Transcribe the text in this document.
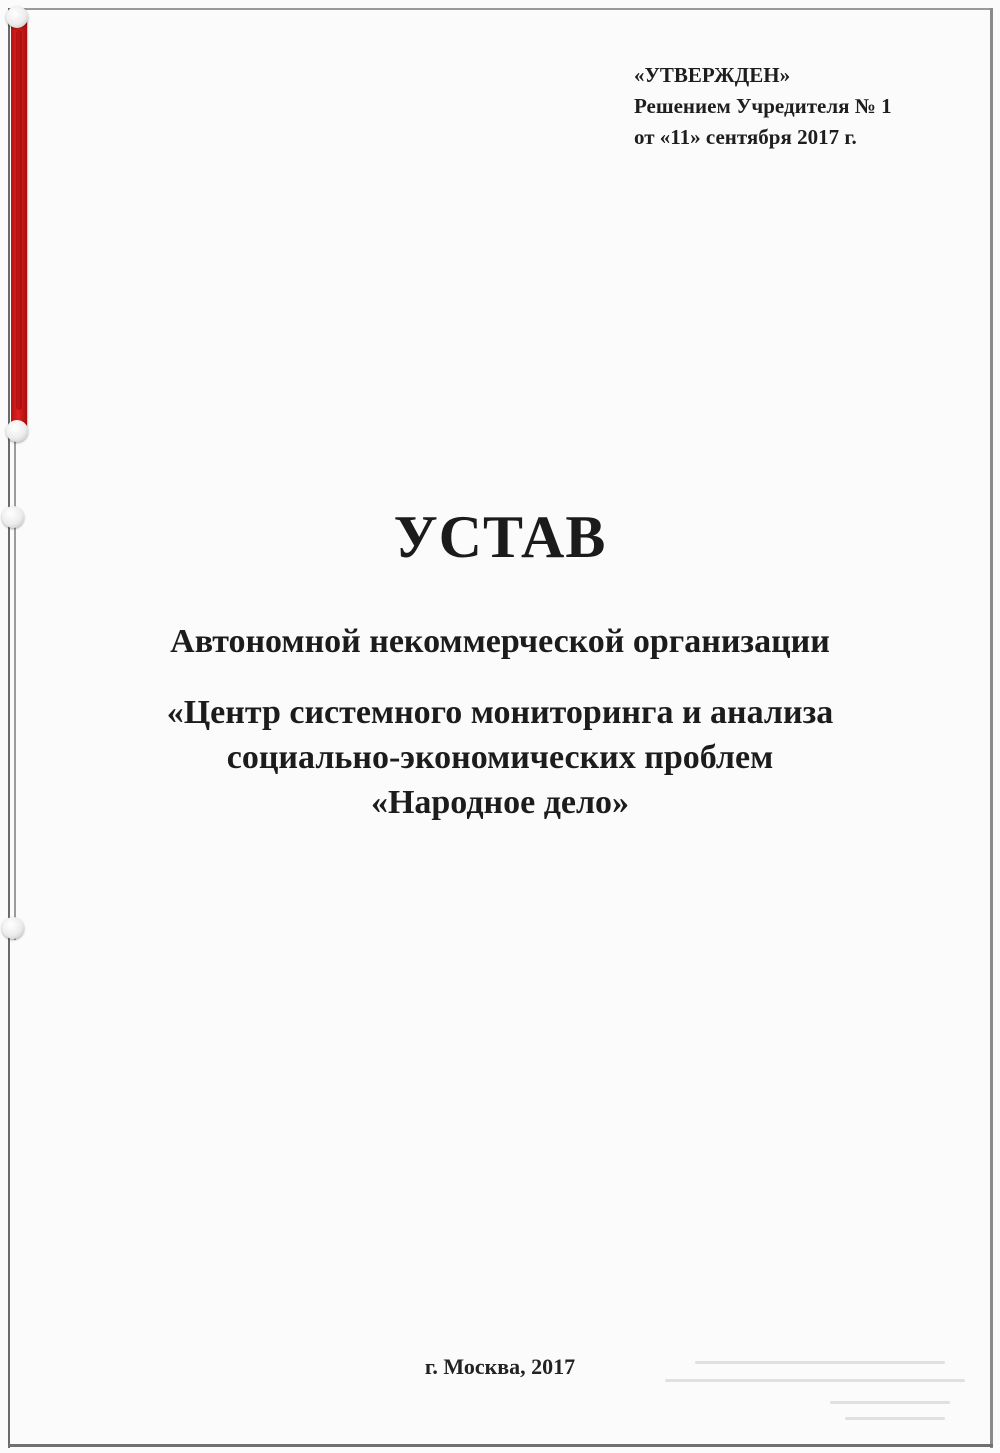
«УТВЕРЖДЕН»
Решением Учредителя № 1
от «11» сентября 2017 г.
УСТАВ
Автономной некоммерческой организации
«Центр системного мониторинга и анализа
социально-экономических проблем
«Народное дело»
г. Москва, 2017
